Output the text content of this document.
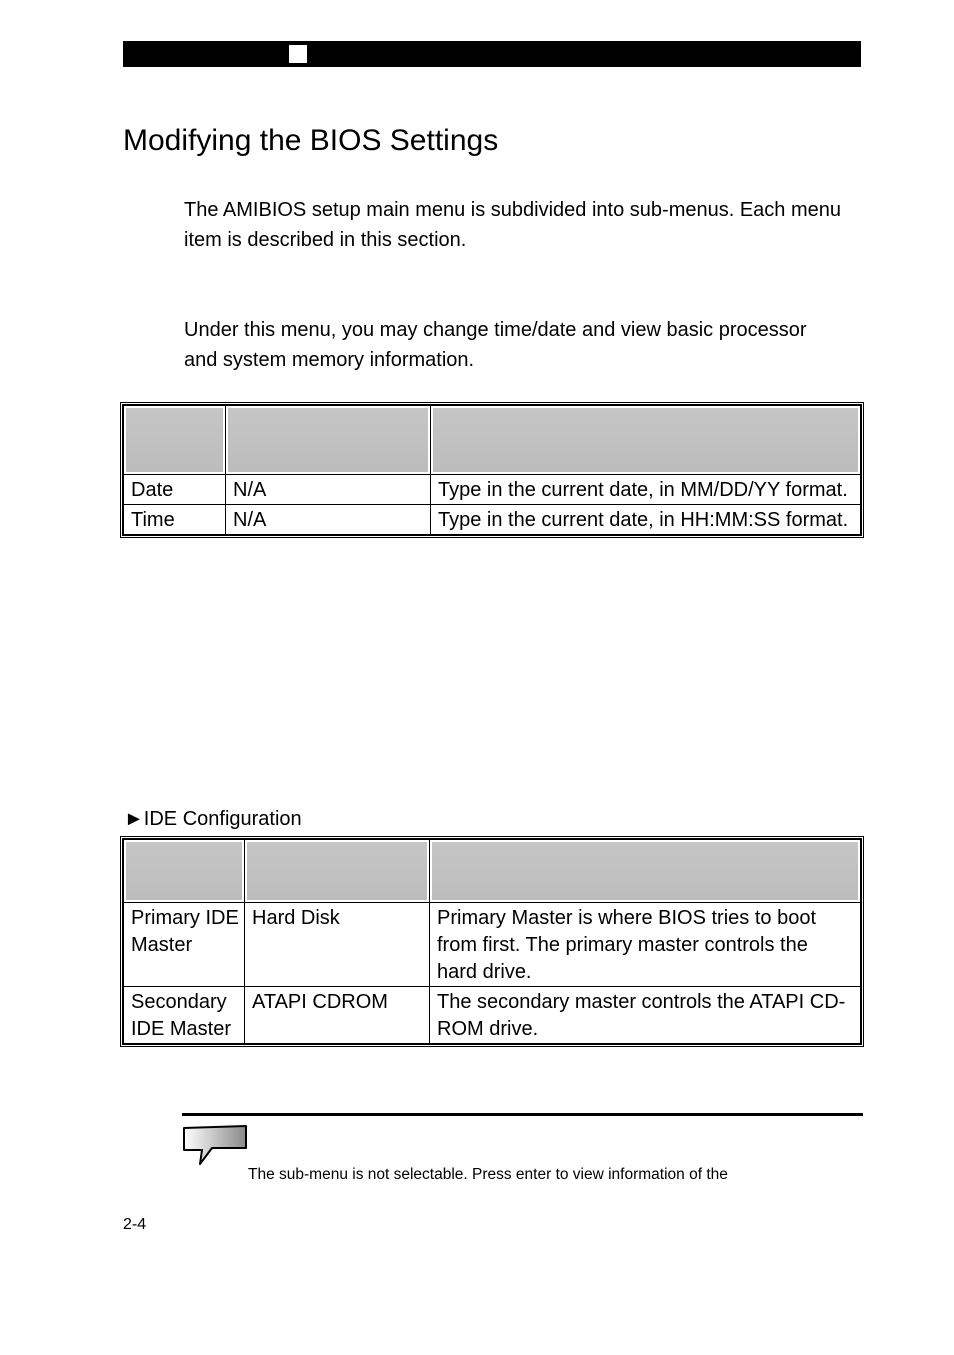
Modifying the BIOS Settings

The AMIBIOS setup main menu is subdivided into sub-menus. Each menu item is described in this section.

Under this menu, you may change time/date and view basic processor and system memory information.

Date	N/A	Type in the current date, in MM/DD/YY format.
Time	N/A	Type in the current date, in HH:MM:SS format.
►IDE Configuration

Primary IDE Master	Hard Disk	Primary Master is where BIOS tries to boot from first. The primary master controls the hard drive.
Secondary IDE Master	ATAPI CDROM	The secondary master controls the ATAPI CD-ROM drive.
The sub-menu is not selectable. Press enter to view information of the
2-4
